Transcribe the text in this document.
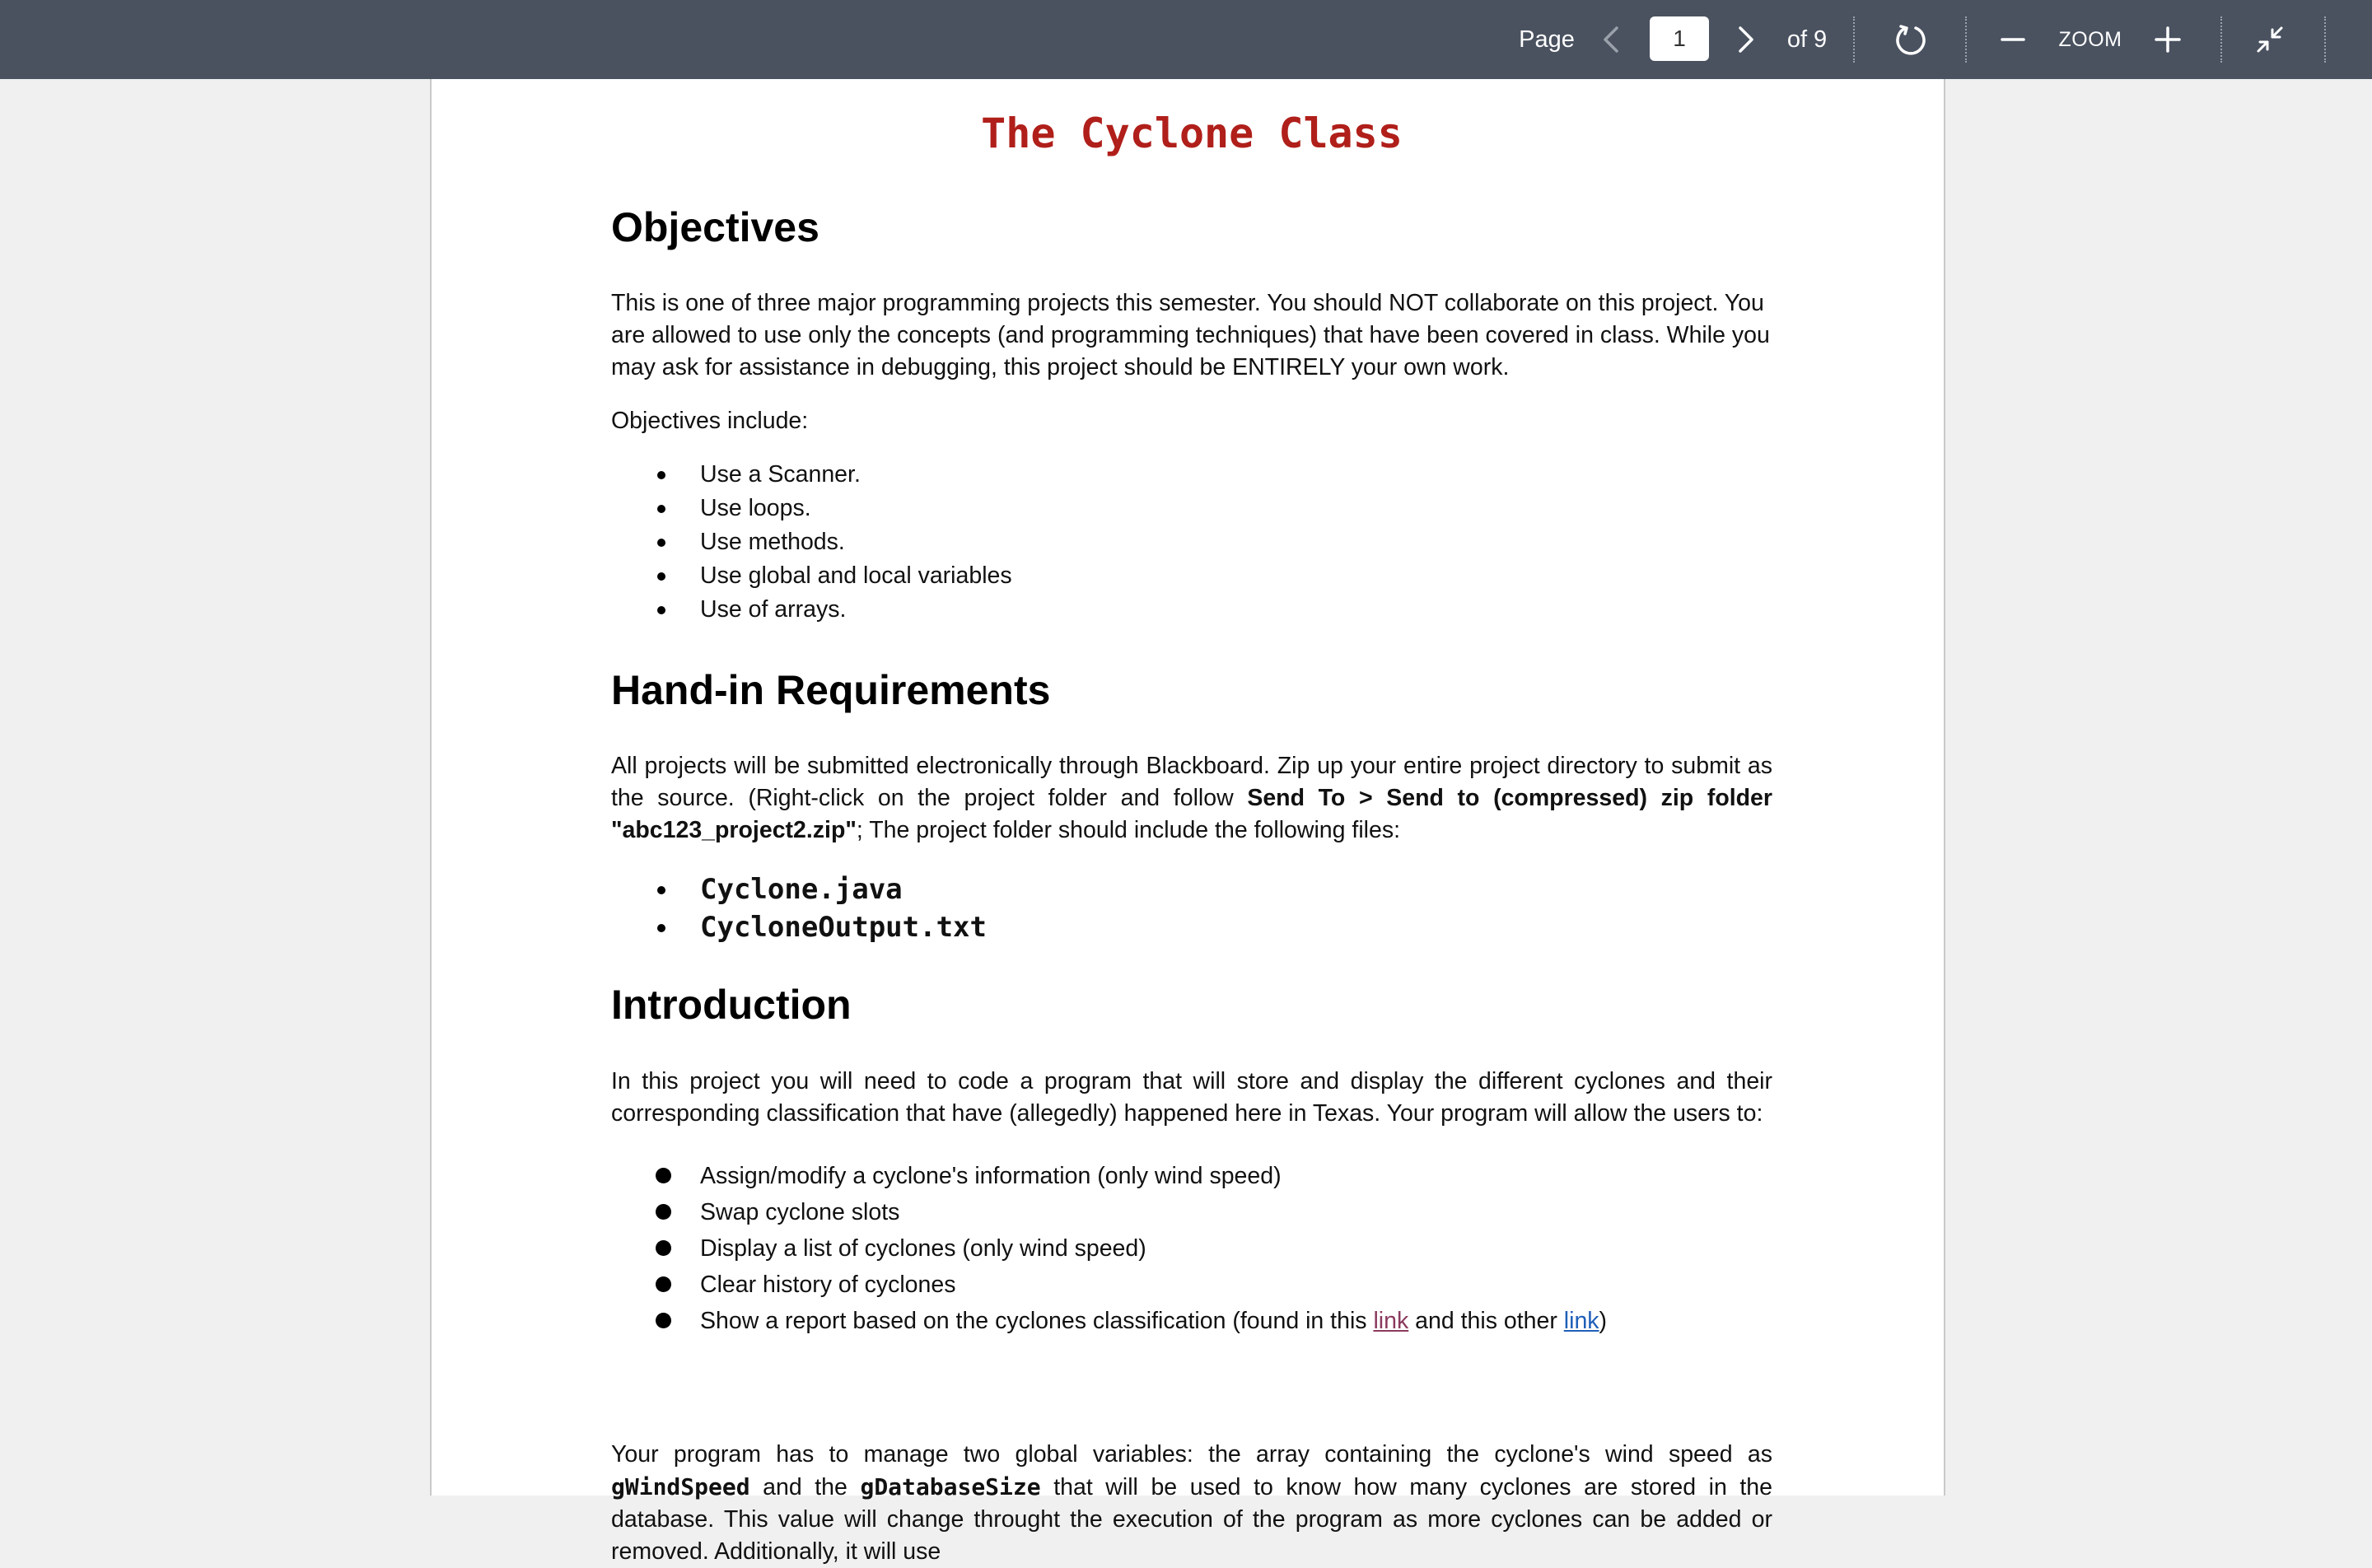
Page
1	of 9	ZOOM
The Cyclone Class
Objectives

This is one of three major programming projects this semester. You should NOT collaborate on this project. You are allowed to use only the concepts (and programming techniques) that have been covered in class. While you may ask for assistance in debugging, this project should be ENTIRELY your own work.

Objectives include:

Use a Scanner.
Use loops.
Use methods.
Use global and local variables
Use of arrays.
Hand-in Requirements

All projects will be submitted electronically through Blackboard. Zip up your entire project directory to submit as the source. (Right-click on the project folder and follow Send To > Send to (compressed) zip folder "abc123_project2.zip"; The project folder should include the following files:

Cyclone.java
CycloneOutput.txt
Introduction

In this project you will need to code a program that will store and display the different cyclones and their corresponding classification that have (allegedly) happened here in Texas. Your program will allow the users to:

Assign/modify a cyclone's information (only wind speed)
Swap cyclone slots
Display a list of cyclones (only wind speed)
Clear history of cyclones
Show a report based on the cyclones classification (found in this link and this other link)

Your program has to manage two global variables: the array containing the cyclone's wind speed as gWindSpeed and the gDatabaseSize that will be used to know how many cyclones are stored in the database. This value will change throught the execution of the program as more cyclones can be added or removed. Additionally, it will use
